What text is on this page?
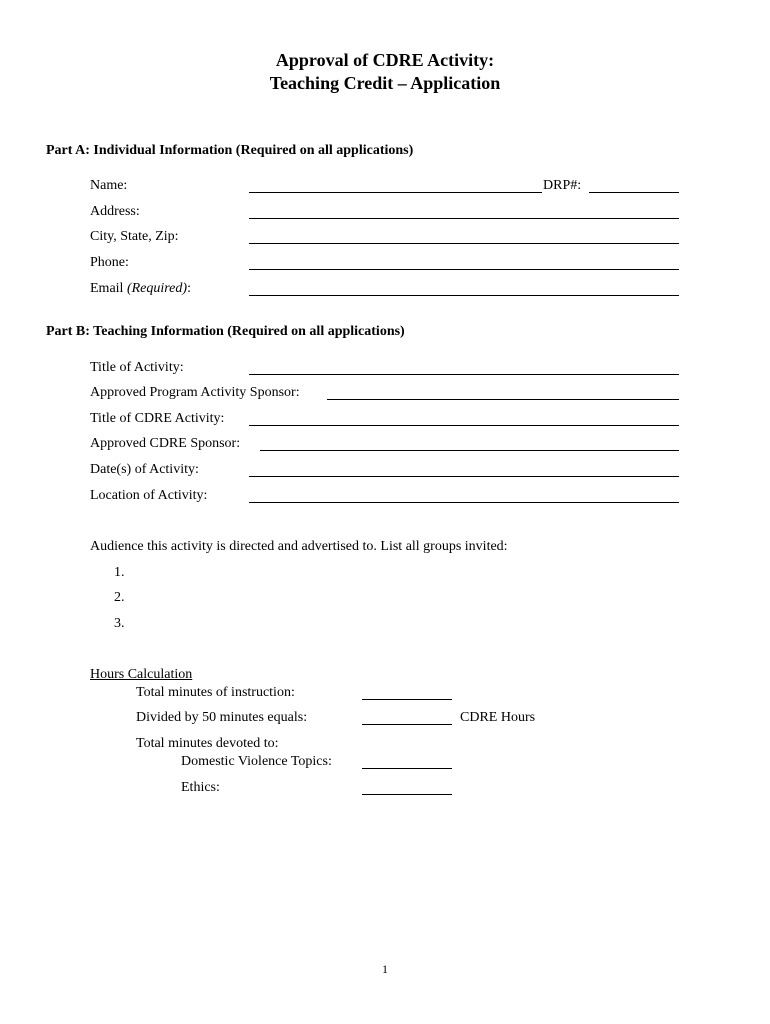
Approval of CDRE Activity:
Teaching Credit – Application
Part A: Individual Information (Required on all applications)
Name:	DRP#:
Address:
City, State, Zip:
Phone:
Email (Required):
Part B: Teaching Information (Required on all applications)
Title of Activity:
Approved Program Activity Sponsor:
Title of CDRE Activity:
Approved CDRE Sponsor:
Date(s) of Activity:
Location of Activity:
Audience this activity is directed and advertised to. List all groups invited:
1.
2.
3.
Hours Calculation
Total minutes of instruction:
Divided by 50 minutes equals:	CDRE Hours
Total minutes devoted to:
Domestic Violence Topics:
Ethics:
1
